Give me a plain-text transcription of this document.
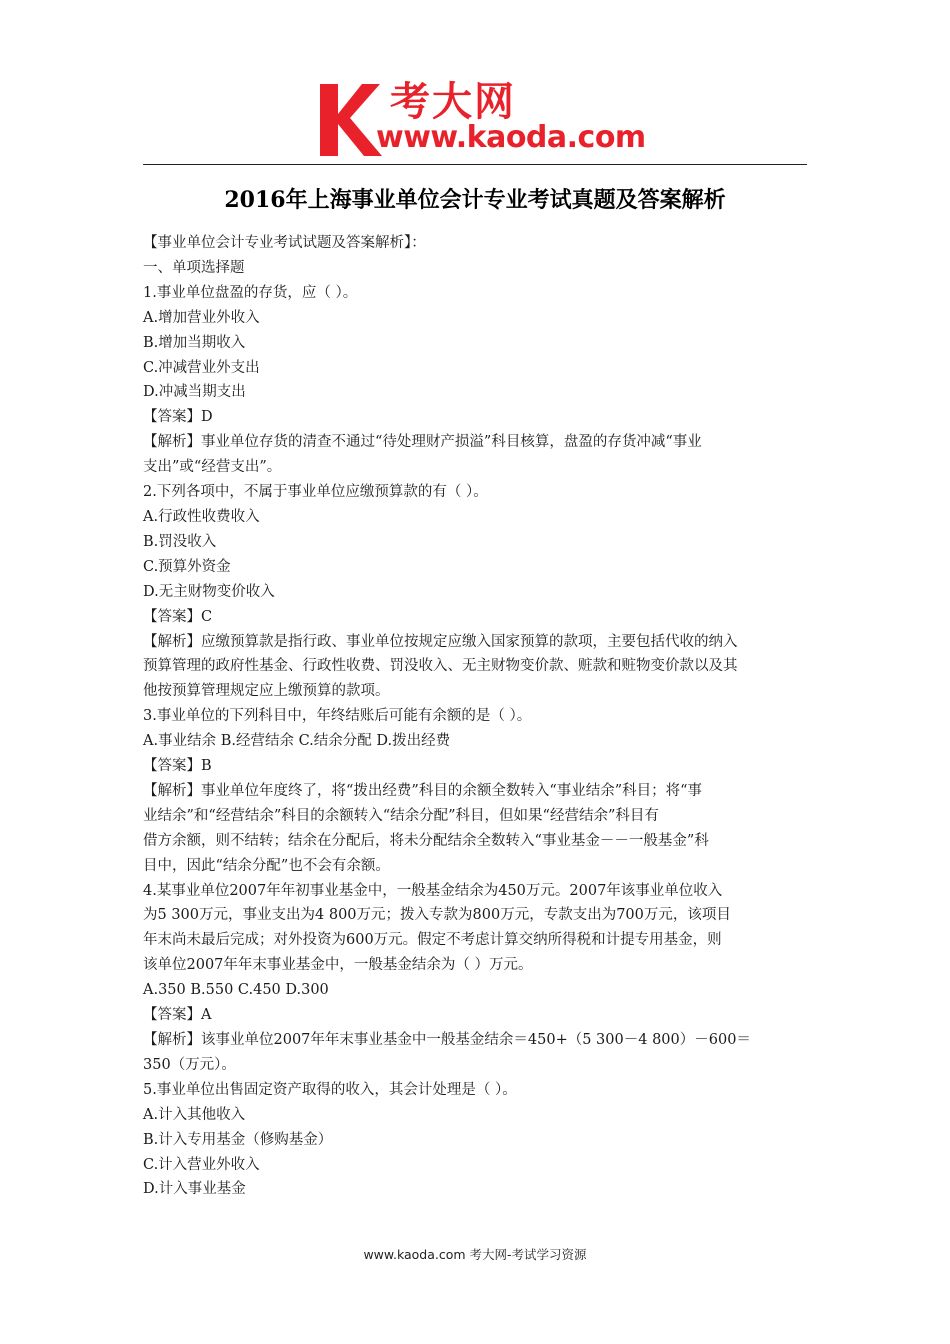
考大网
www.kaoda.com
2016年上海事业单位会计专业考试真题及答案解析

【事业单位会计专业考试试题及答案解析】：

一、单项选择题

1.事业单位盘盈的存货，应（ ）。

A.增加营业外收入

B.增加当期收入

C.冲减营业外支出

D.冲减当期支出

【答案】D

【解析】事业单位存货的清查不通过“待处理财产损溢”科目核算，盘盈的存货冲减“事业

支出”或“经营支出”。

2.下列各项中，不属于事业单位应缴预算款的有（ ）。

A.行政性收费收入

B.罚没收入

C.预算外资金

D.无主财物变价收入

【答案】C

【解析】应缴预算款是指行政、事业单位按规定应缴入国家预算的款项，主要包括代收的纳入

预算管理的政府性基金、行政性收费、罚没收入、无主财物变价款、赃款和赃物变价款以及其

他按预算管理规定应上缴预算的款项。

3.事业单位的下列科目中，年终结账后可能有余额的是（ ）。

A.事业结余 B.经营结余 C.结余分配 D.拨出经费

【答案】B

【解析】事业单位年度终了，将“拨出经费”科目的余额全数转入“事业结余”科目；将“事

业结余”和“经营结余”科目的余额转入“结余分配”科目，但如果“经营结余”科目有

借方余额，则不结转；结余在分配后，将未分配结余全数转入“事业基金－－一般基金”科

目中，因此“结余分配”也不会有余额。

4.某事业单位2007年年初事业基金中，一般基金结余为450万元。2007年该事业单位收入

为5 300万元，事业支出为4 800万元；拨入专款为800万元，专款支出为700万元，该项目

年末尚未最后完成；对外投资为600万元。假定不考虑计算交纳所得税和计提专用基金，则

该单位2007年年末事业基金中，一般基金结余为（ ）万元。

A.350 B.550 C.450 D.300

【答案】A

【解析】该事业单位2007年年末事业基金中一般基金结余＝450+（5 300－4 800）－600＝

350（万元）。

5.事业单位出售固定资产取得的收入，其会计处理是（ ）。

A.计入其他收入

B.计入专用基金（修购基金）

C.计入营业外收入

D.计入事业基金

www.kaoda.com 考大网-考试学习资源
